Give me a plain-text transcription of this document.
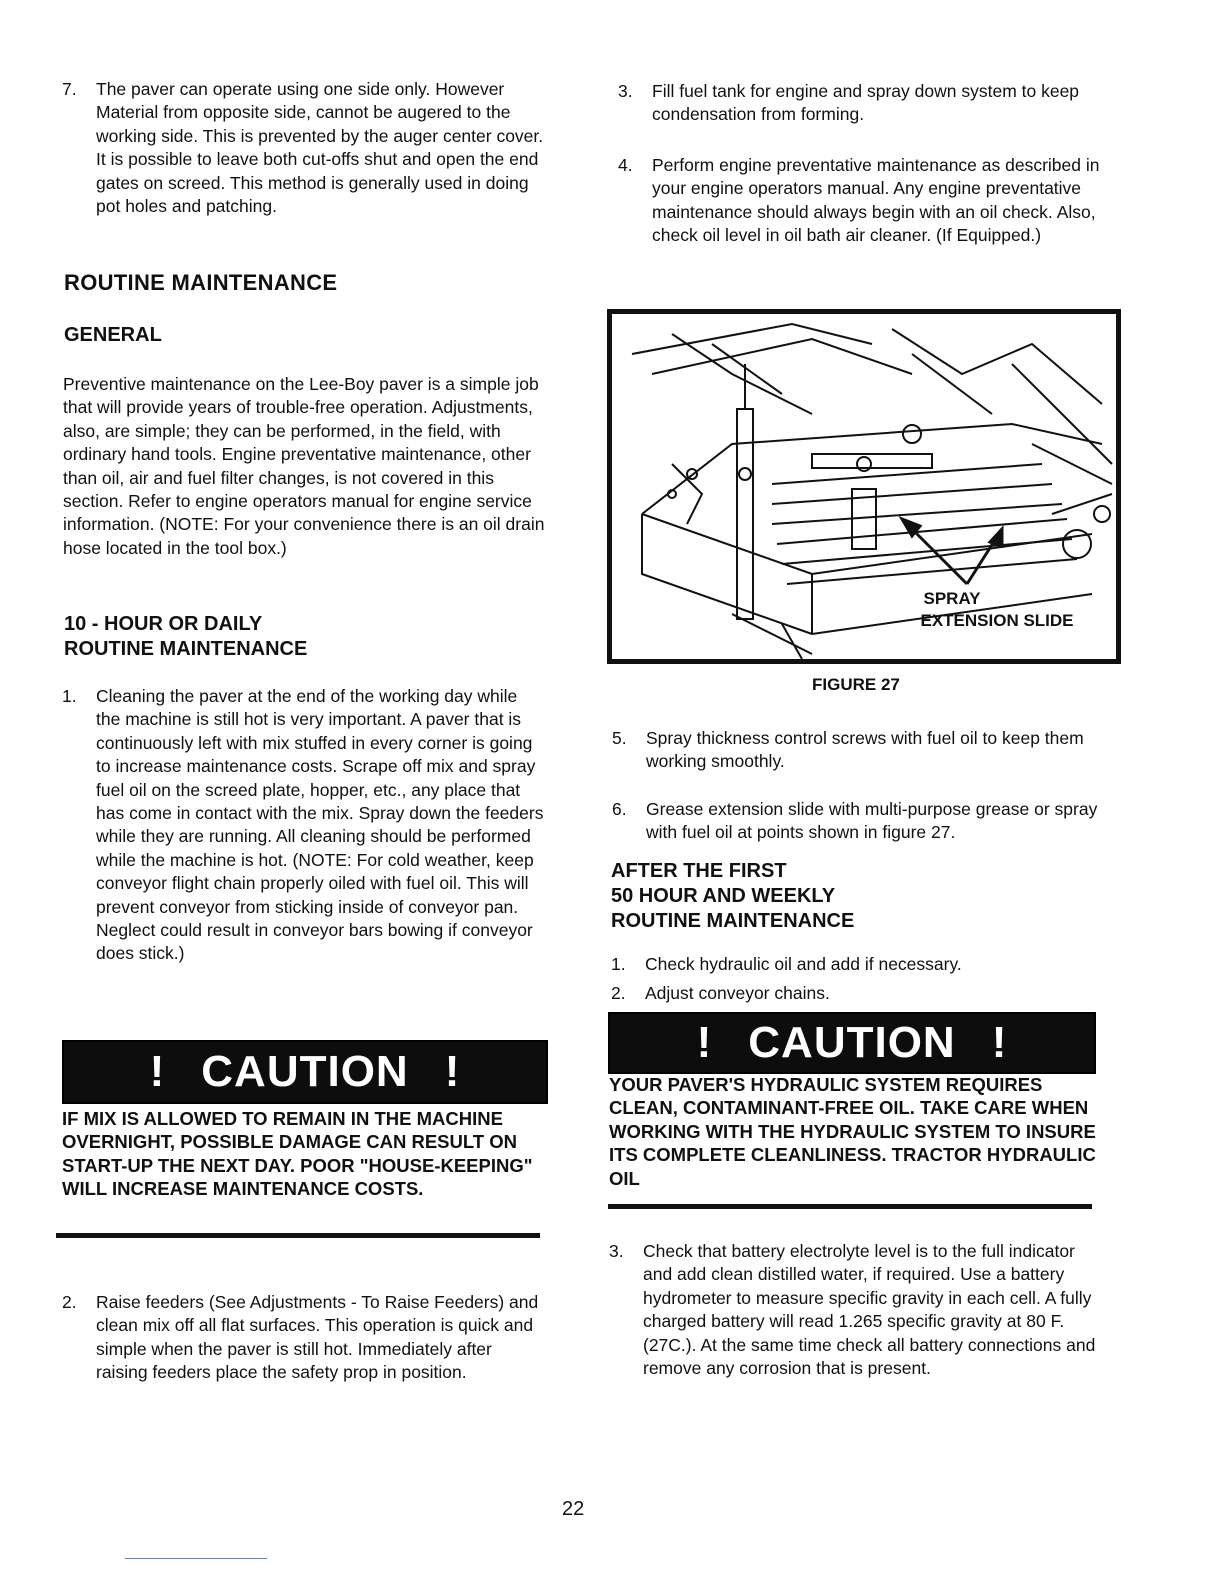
7. The paver can operate using one side only. However Material from opposite side, cannot be augered to the working side. This is prevented by the auger center cover. It is possible to leave both cut-offs shut and open the end gates on screed. This method is generally used in doing pot holes and patching.
ROUTINE MAINTENANCE
GENERAL
Preventive maintenance on the Lee-Boy paver is a simple job that will provide years of trouble-free operation. Adjustments, also, are simple; they can be performed, in the field, with ordinary hand tools. Engine preventative maintenance, other than oil, air and fuel filter changes, is not covered in this section. Refer to engine operators manual for engine service information. (NOTE: For your convenience there is an oil drain hose located in the tool box.)
10 - HOUR OR DAILY
ROUTINE MAINTENANCE
1. Cleaning the paver at the end of the working day while the machine is still hot is very important. A paver that is continuously left with mix stuffed in every corner is going to increase maintenance costs. Scrape off mix and spray fuel oil on the screed plate, hopper, etc., any place that has come in contact with the mix. Spray down the feeders while they are running. All cleaning should be performed while the machine is hot. (NOTE: For cold weather, keep conveyor flight chain properly oiled with fuel oil. This will prevent conveyor from sticking inside of conveyor pan. Neglect could result in conveyor bars bowing if conveyor does stick.)
! CAUTION !
IF MIX IS ALLOWED TO REMAIN IN THE MACHINE OVERNIGHT, POSSIBLE DAMAGE CAN RESULT ON START-UP THE NEXT DAY. POOR "HOUSE-KEEPING" WILL INCREASE MAINTENANCE COSTS.
2. Raise feeders (See Adjustments - To Raise Feeders) and clean mix off all flat surfaces. This operation is quick and simple when the paver is still hot. Immediately after raising feeders place the safety prop in position.
3. Fill fuel tank for engine and spray down system to keep condensation from forming.
4. Perform engine preventative maintenance as described in your engine operators manual. Any engine preventative maintenance should always begin with an oil check. Also, check oil level in oil bath air cleaner. (If Equipped.)
SPRAY
EXTENSION SLIDE
FIGURE 27
5. Spray thickness control screws with fuel oil to keep them working smoothly.
6. Grease extension slide with multi-purpose grease or spray with fuel oil at points shown in figure 27.
AFTER THE FIRST
50 HOUR AND WEEKLY
ROUTINE MAINTENANCE
1. Check hydraulic oil and add if necessary.
2. Adjust conveyor chains.
! CAUTION !
YOUR PAVER'S HYDRAULIC SYSTEM REQUIRES CLEAN, CONTAMINANT-FREE OIL. TAKE CARE WHEN WORKING WITH THE HYDRAULIC SYSTEM TO INSURE ITS COMPLETE CLEANLINESS. TRACTOR HYDRAULIC OIL
3. Check that battery electrolyte level is to the full indicator and add clean distilled water, if required. Use a battery hydrometer to measure specific gravity in each cell. A fully charged battery will read 1.265 specific gravity at 80 F. (27C.). At the same time check all battery connections and remove any corrosion that is present.
22
